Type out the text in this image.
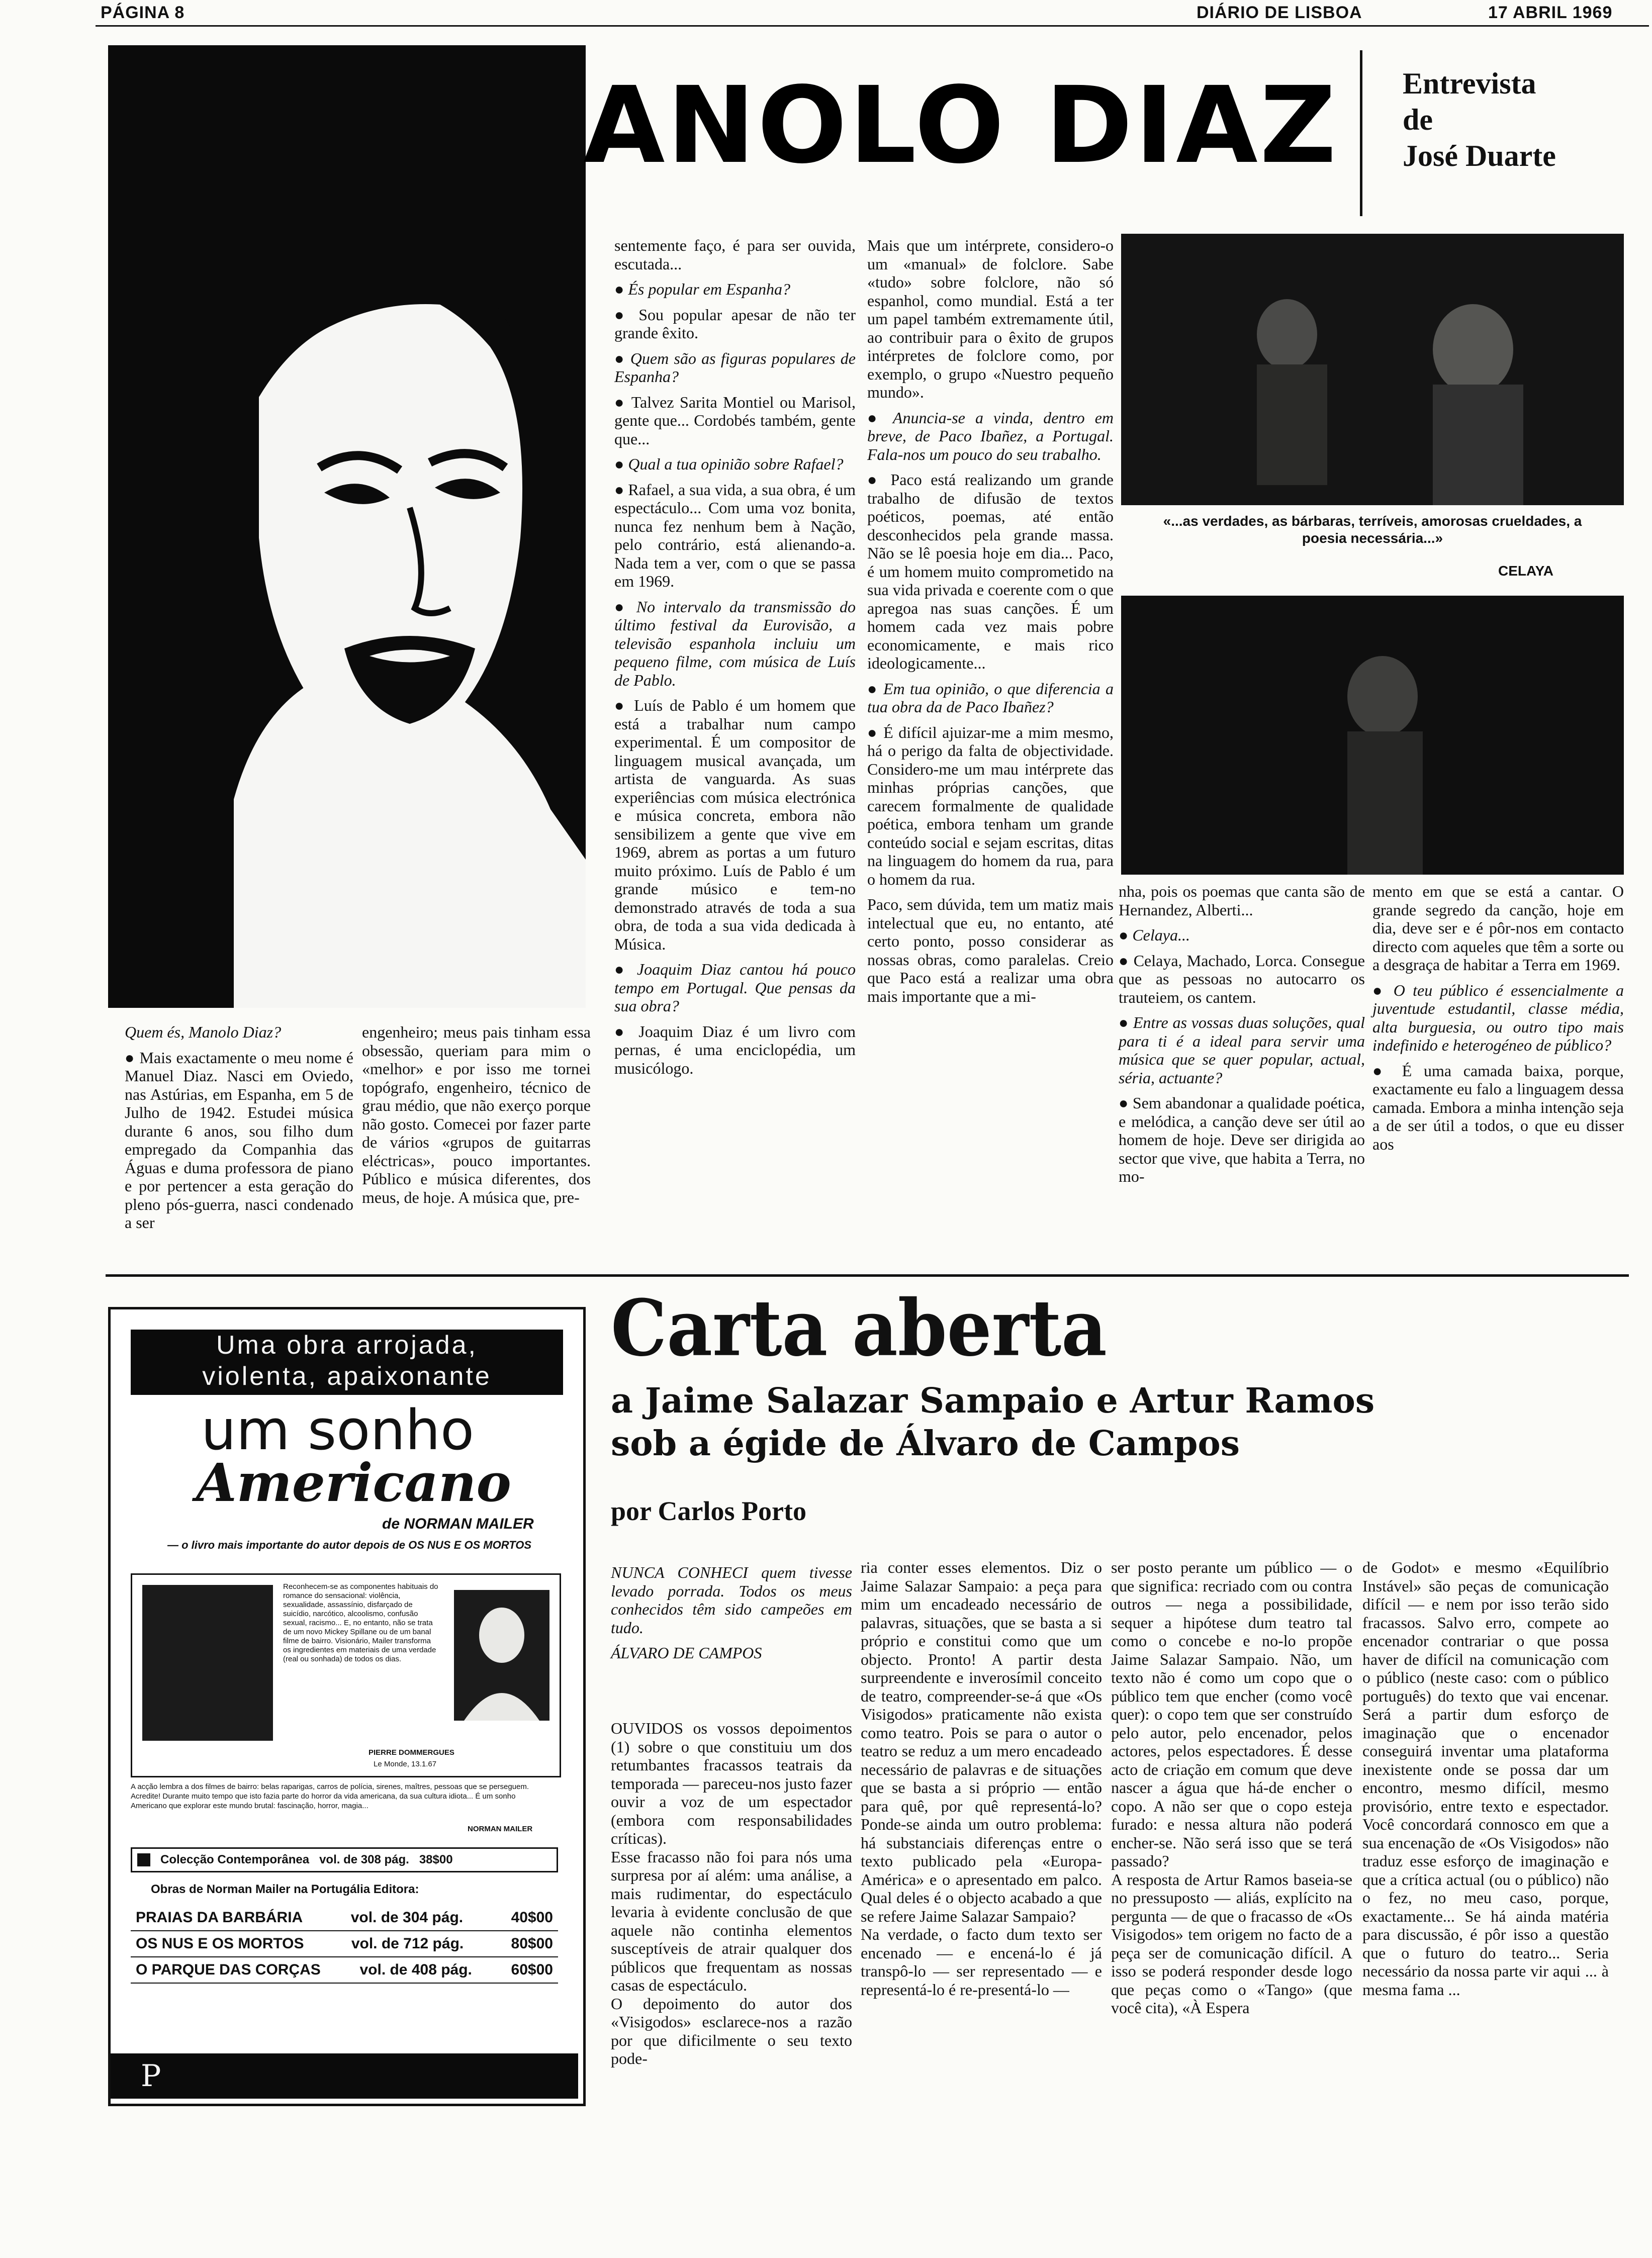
PÁGINA 8	DIÁRIO DE LISBOA	17 ABRIL 1969
ANOLO DIAZ Entrevista
de
José Duarte

sentemente faço, é para ser ouvida, escutada...

● És popular em Espanha?

● Sou popular apesar de não ter grande êxito.

● Quem são as figuras populares de Espanha?

● Talvez Sarita Montiel ou Marisol, gente que... Cordobés também, gente que...

● Qual a tua opinião sobre Rafael?

● Rafael, a sua vida, a sua obra, é um espectáculo... Com uma voz bonita, nunca fez nenhum bem à Nação, pelo contrário, está alienando-a. Nada tem a ver, com o que se passa em 1969.

● No intervalo da transmissão do último festival da Eurovisão, a televisão espanhola incluiu um pequeno filme, com música de Luís de Pablo.

● Luís de Pablo é um homem que está a trabalhar num campo experimental. É um compositor de linguagem musical avançada, um artista de vanguarda. As suas experiências com música electrónica e música concreta, embora não sensibilizem a gente que vive em 1969, abrem as portas a um futuro muito próximo. Luís de Pablo é um grande músico e tem-no demonstrado através de toda a sua obra, de toda a sua vida dedicada à Música.

● Joaquim Diaz cantou há pouco tempo em Portugal. Que pensas da sua obra?

● Joaquim Diaz é um livro com pernas, é uma enciclopédia, um musicólogo.

Mais que um intérprete, considero-o um «manual» de folclore. Sabe «tudo» sobre folclore, não só espanhol, como mundial. Está a ter um papel também extremamente útil, ao contribuir para o êxito de grupos intérpretes de folclore como, por exemplo, o grupo «Nuestro pequeño mundo».

● Anuncia-se a vinda, dentro em breve, de Paco Ibañez, a Portugal. Fala-nos um pouco do seu trabalho.

● Paco está realizando um grande trabalho de difusão de textos poéticos, poemas, até então desconhecidos pela grande massa. Não se lê poesia hoje em dia... Paco, é um homem muito comprometido na sua vida privada e coerente com o que apregoa nas suas canções. É um homem cada vez mais pobre economicamente, e mais rico ideologicamente...

● Em tua opinião, o que diferencia a tua obra da de Paco Ibañez?

● É difícil ajuizar-me a mim mesmo, há o perigo da falta de objectividade. Considero-me um mau intérprete das minhas próprias canções, que carecem formalmente de qualidade poética, embora tenham um grande conteúdo social e sejam escritas, ditas na linguagem do homem da rua, para o homem da rua.

Paco, sem dúvida, tem um matiz mais intelectual que eu, no entanto, até certo ponto, posso considerar as nossas obras, como paralelas. Creio que Paco está a realizar uma obra mais importante que a mi-

«...as verdades, as bárbaras, terríveis, amorosas crueldades, a poesia necessária...»
CELAYA

nha, pois os poemas que canta são de Hernandez, Alberti...

● Celaya...

● Celaya, Machado, Lorca. Consegue que as pessoas no autocarro os trauteiem, os cantem.

● Entre as vossas duas soluções, qual para ti é a ideal para servir uma música que se quer popular, actual, séria, actuante?

● Sem abandonar a qualidade poética, e melódica, a canção deve ser útil ao homem de hoje. Deve ser dirigida ao sector que vive, que habita a Terra, no mo-

mento em que se está a cantar. O grande segredo da canção, hoje em dia, deve ser e é pôr-nos em contacto directo com aqueles que têm a sorte ou a desgraça de habitar a Terra em 1969.

● O teu público é essencialmente a juventude estudantil, classe média, alta burguesia, ou outro tipo mais indefinido e heterogéneo de público?

● É uma camada baixa, porque, exactamente eu falo a linguagem dessa camada. Embora a minha intenção seja a de ser útil a todos, o que eu disser aos

Quem és, Manolo Diaz?

● Mais exactamente o meu nome é Manuel Diaz. Nasci em Oviedo, nas Astúrias, em Espanha, em 5 de Julho de 1942. Estudei música durante 6 anos, sou filho dum empregado da Companhia das Águas e duma professora de piano e por pertencer a esta geração do pleno pós-guerra, nasci condenado a ser

engenheiro; meus pais tinham essa obsessão, queriam para mim o «melhor» e por isso me tornei topógrafo, engenheiro, técnico de grau médio, que não exerço porque não gosto. Comecei por fazer parte de vários «grupos de guitarras eléctricas», pouco importantes. Público e música diferentes, dos meus, de hoje. A música que, pre-

Uma obra arrojada,
violenta, apaixonante
um sonho
Americano
de NORMAN MAILER
— o livro mais importante do autor depois de OS NUS E OS MORTOS
Reconhecem-se as componentes habituais do romance do sensacional: violência, sexualidade, assassínio, disfarçado de suicídio, narcótico, alcoolismo, confusão sexual, racismo... E, no entanto, não se trata de um novo Mickey Spillane ou de um banal filme de bairro. Visionário, Mailer transforma os ingredientes em materiais de uma verdade (real ou sonhada) de todos os dias.
PIERRE DOMMERGUES
Le Monde, 13.1.67
A acção lembra a dos filmes de bairro: belas raparigas, carros de polícia, sirenes, maîtres, pessoas que se perseguem. Acredite! Durante muito tempo que isto fazia parte do horror da vida americana, da sua cultura idiota... É um sonho Americano que explorar este mundo brutal: fascinação, horror, magia...
NORMAN MAILER
Colecção Contemporânea vol. de 308 pág. 38$00
Obras de Norman Mailer na Portugália Editora:
PRAIAS DA BARBÁRIA	vol. de 304 pág.	40$00
OS NUS E OS MORTOS	vol. de 712 pág.	80$00
O PARQUE DAS CORÇAS	vol. de 408 pág.	60$00
P
Carta aberta
a Jaime Salazar Sampaio e Artur Ramos
sob a égide de Álvaro de Campos
por Carlos Porto

NUNCA CONHECI quem tivesse levado porrada. Todos os meus conhecidos têm sido campeões em tudo.

ÁLVARO DE CAMPOS

OUVIDOS os vossos depoimentos (1) sobre o que constituiu um dos retumbantes fracassos teatrais da temporada — pareceu-nos justo fazer ouvir a voz de um espectador (embora com responsabilidades críticas).
Esse fracasso não foi para nós uma surpresa por aí além: uma análise, a mais rudimentar, do espectáculo levaria à evidente conclusão de que aquele não continha elementos susceptíveis de atrair qualquer dos públicos que frequentam as nossas casas de espectáculo.
O depoimento do autor dos «Visigodos» esclarece-nos a razão por que dificilmente o seu texto pode-

ria conter esses elementos. Diz o Jaime Salazar Sampaio: a peça para mim um encadeado necessário de palavras, situações, que se basta a si próprio e constitui como que um objecto. Pronto! A partir desta surpreendente e inverosímil conceito de teatro, compreender-se-á que «Os Visigodos» praticamente não exista como teatro. Pois se para o autor o teatro se reduz a um mero encadeado necessário de palavras e de situações que se basta a si próprio — então para quê, por quê representá-lo? Ponde-se ainda um outro problema: há substanciais diferenças entre o texto publicado pela «Europa-América» e o apresentado em palco. Qual deles é o objecto acabado a que se refere Jaime Salazar Sampaio?
Na verdade, o facto dum texto ser encenado — e encená-lo é já transpô-lo — ser representado — e representá-lo é re-presentá-lo —

ser posto perante um público — o que significa: recriado com ou contra outros — nega a possibilidade, sequer a hipótese dum teatro tal como o concebe e no-lo propõe Jaime Salazar Sampaio. Não, um texto não é como um copo que o público tem que encher (como você quer): o copo tem que ser construído pelo autor, pelo encenador, pelos actores, pelos espectadores. É desse acto de criação em comum que deve nascer a água que há-de encher o copo. A não ser que o copo esteja furado: e nessa altura não poderá encher-se. Não será isso que se terá passado?
A resposta de Artur Ramos baseia-se no pressuposto — aliás, explícito na pergunta — de que o fracasso de «Os Visigodos» tem origem no facto de a peça ser de comunicação difícil. A isso se poderá responder desde logo que peças como o «Tango» (que você cita), «À Espera

de Godot» e mesmo «Equilíbrio Instável» são peças de comunicação difícil — e nem por isso terão sido fracassos. Salvo erro, compete ao encenador contrariar o que possa haver de difícil na comunicação com o público (neste caso: com o público português) do texto que vai encenar. Será a partir dum esforço de imaginação que o encenador conseguirá inventar uma plataforma inexistente onde se possa dar um encontro, mesmo difícil, mesmo provisório, entre texto e espectador. Você concordará connosco em que a sua encenação de «Os Visigodos» não traduz esse esforço de imaginação e que a crítica actual (ou o público) não o fez, no meu caso, porque, exactamente... Se há ainda matéria para discussão, é pôr isso a questão que o futuro do teatro... Seria necessário da nossa parte vir aqui ... à mesma fama ...
